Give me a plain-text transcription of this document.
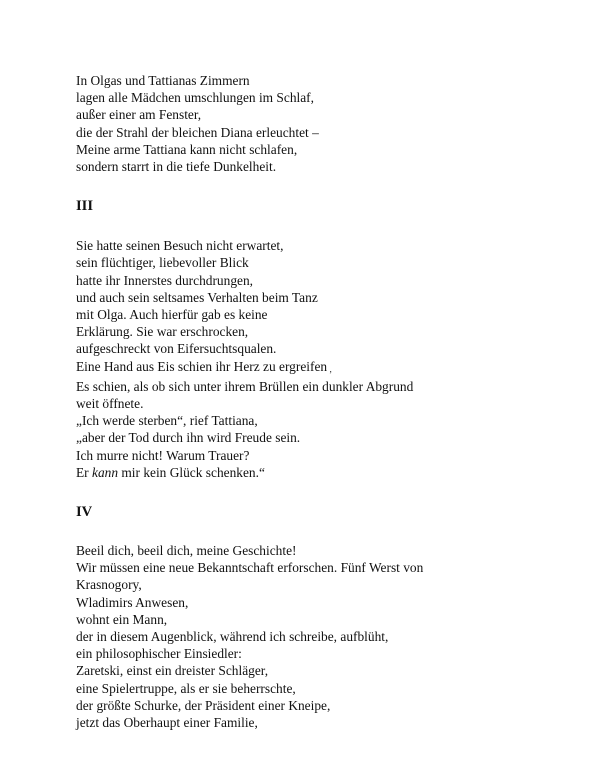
In Olgas und Tattianas Zimmern
lagen alle Mädchen umschlungen im Schlaf,
außer einer am Fenster,
die der Strahl der bleichen Diana erleuchtet –
Meine arme Tattiana kann nicht schlafen,
sondern starrt in die tiefe Dunkelheit.
III
Sie hatte seinen Besuch nicht erwartet,
sein flüchtiger, liebevoller Blick
hatte ihr Innerstes durchdrungen,
und auch sein seltsames Verhalten beim Tanz
mit Olga. Auch hierfür gab es keine
Erklärung. Sie war erschrocken,
aufgeschreckt von Eifersuchtsqualen.
Eine Hand aus Eis schien ihr Herz zu ergreifen ‚
Es schien, als ob sich unter ihrem Brüllen ein dunkler Abgrund
weit öffnete.
„Ich werde sterben“, rief Tattiana,
„aber der Tod durch ihn wird Freude sein.
Ich murre nicht! Warum Trauer?
Er kann mir kein Glück schenken.“
IV
Beeil dich, beeil dich, meine Geschichte!
Wir müssen eine neue Bekanntschaft erforschen. Fünf Werst von
Krasnogory,
Wladimirs Anwesen,
wohnt ein Mann,
der in diesem Augenblick, während ich schreibe, aufblüht,
ein philosophischer Einsiedler:
Zaretski, einst ein dreister Schläger,
eine Spielertruppe, als er sie beherrschte,
der größte Schurke, der Präsident einer Kneipe,
jetzt das Oberhaupt einer Familie,
